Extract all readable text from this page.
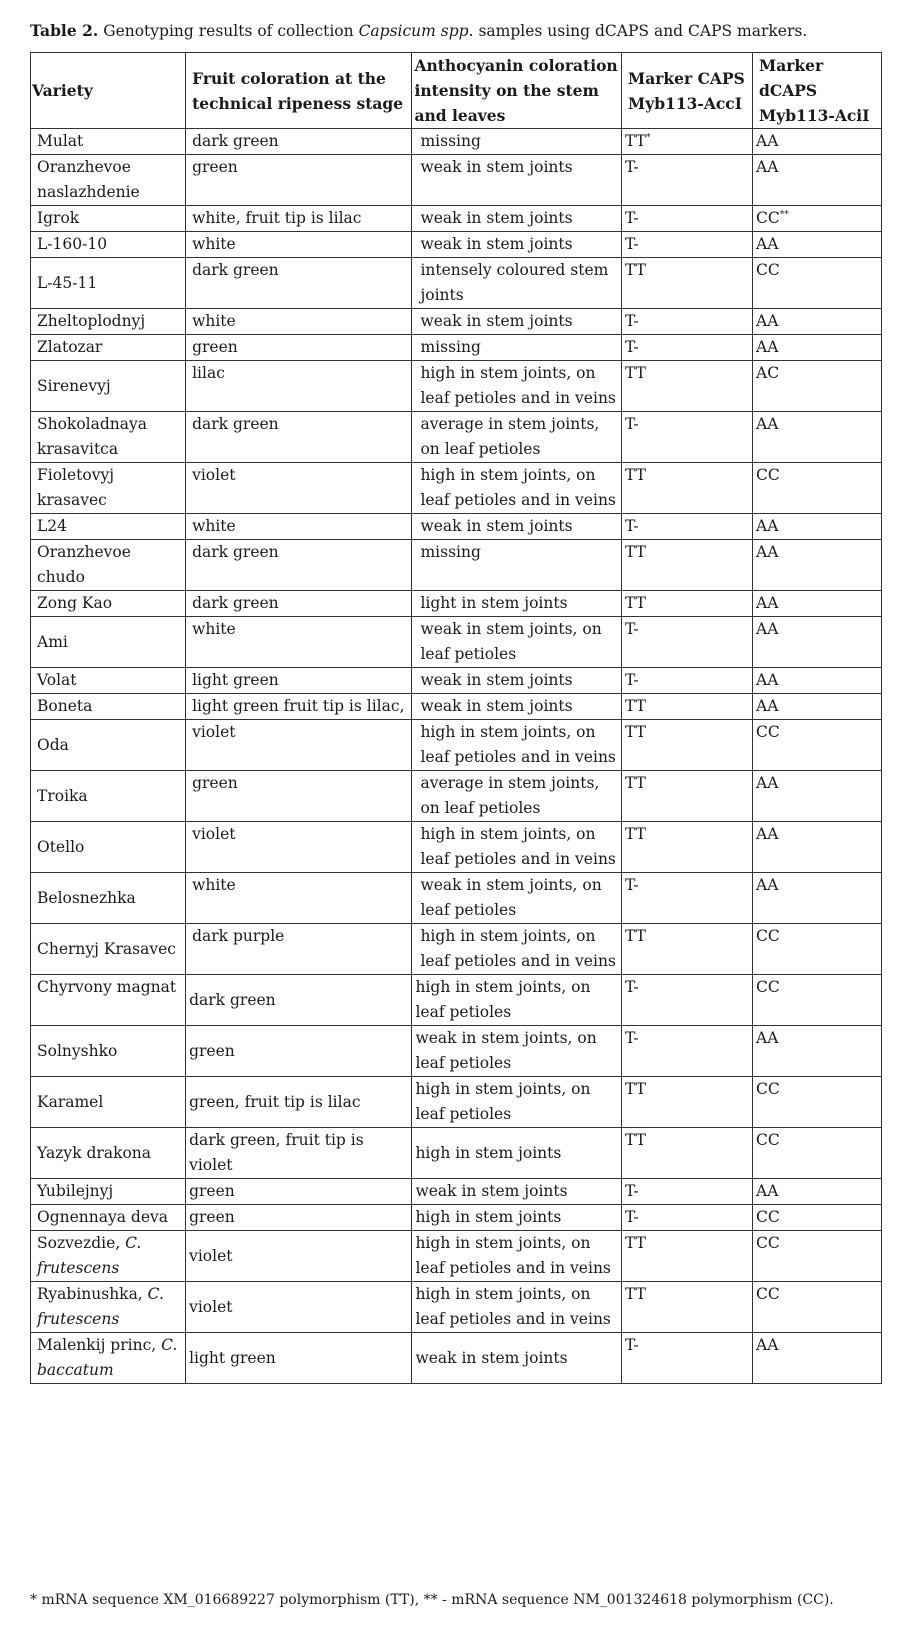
Table 2. Genotyping results of collection Capsicum spp. samples using dCAPS and CAPS markers.
Variety	Fruit coloration at the technical ripeness stage	Anthocyanin coloration intensity on the stem and leaves	Marker CAPS Myb113-AccI	Marker dCAPS Myb113-AciI
Mulat	dark green	missing	TT*	AA
Oranzhevoe naslazhdenie	green	weak in stem joints	T-	AA
Igrok	white, fruit tip is lilac	weak in stem joints	T-	CC**
L-160-10	white	weak in stem joints	T-	AA
L-45-11	dark green	intensely coloured stem joints	TT	CC
Zheltoplodnyj	white	weak in stem joints	T-	AA
Zlatozar	green	missing	T-	AA
Sirenevyj	lilac	high in stem joints, on leaf petioles and in veins	TT	AC
Shokoladnaya krasavitca	dark green	average in stem joints, on leaf petioles	T-	AA
Fioletovyj krasavec	violet	high in stem joints, on leaf petioles and in veins	TT	CC
L24	white	weak in stem joints	T-	AA
Oranzhevoe chudo	dark green	missing	TT	AA
Zong Kao	dark green	light in stem joints	TT	AA
Ami	white	weak in stem joints, on leaf petioles	T-	AA
Volat	light green	weak in stem joints	T-	AA
Boneta	light green fruit tip is lilac,	weak in stem joints	TT	AA
Oda	violet	high in stem joints, on leaf petioles and in veins	TT	CC
Troika	green	average in stem joints, on leaf petioles	TT	AA
Otello	violet	high in stem joints, on leaf petioles and in veins	TT	AA
Belosnezhka	white	weak in stem joints, on leaf petioles	T-	AA
Chernyj Krasavec	dark purple	high in stem joints, on leaf petioles and in veins	TT	CC
Chyrvony magnat	dark green	high in stem joints, on leaf petioles	T-	CC
Solnyshko	green	weak in stem joints, on leaf petioles	T-	AA
Karamel	green, fruit tip is lilac	high in stem joints, on leaf petioles	TT	CC
Yazyk drakona	dark green, fruit tip is violet	high in stem joints	TT	CC
Yubilejnyj	green	weak in stem joints	T-	AA
Ognennaya deva	green	high in stem joints	T-	CC
Sozvezdie, C. frutescens	violet	high in stem joints, on leaf petioles and in veins	TT	CC
Ryabinushka, C. frutescens	violet	high in stem joints, on leaf petioles and in veins	TT	CC
Malenkij princ, C. baccatum	light green	weak in stem joints	T-	AA
* mRNA sequence XM_016689227 polymorphism (TT), ** - mRNA sequence NM_001324618 polymorphism (CC).
